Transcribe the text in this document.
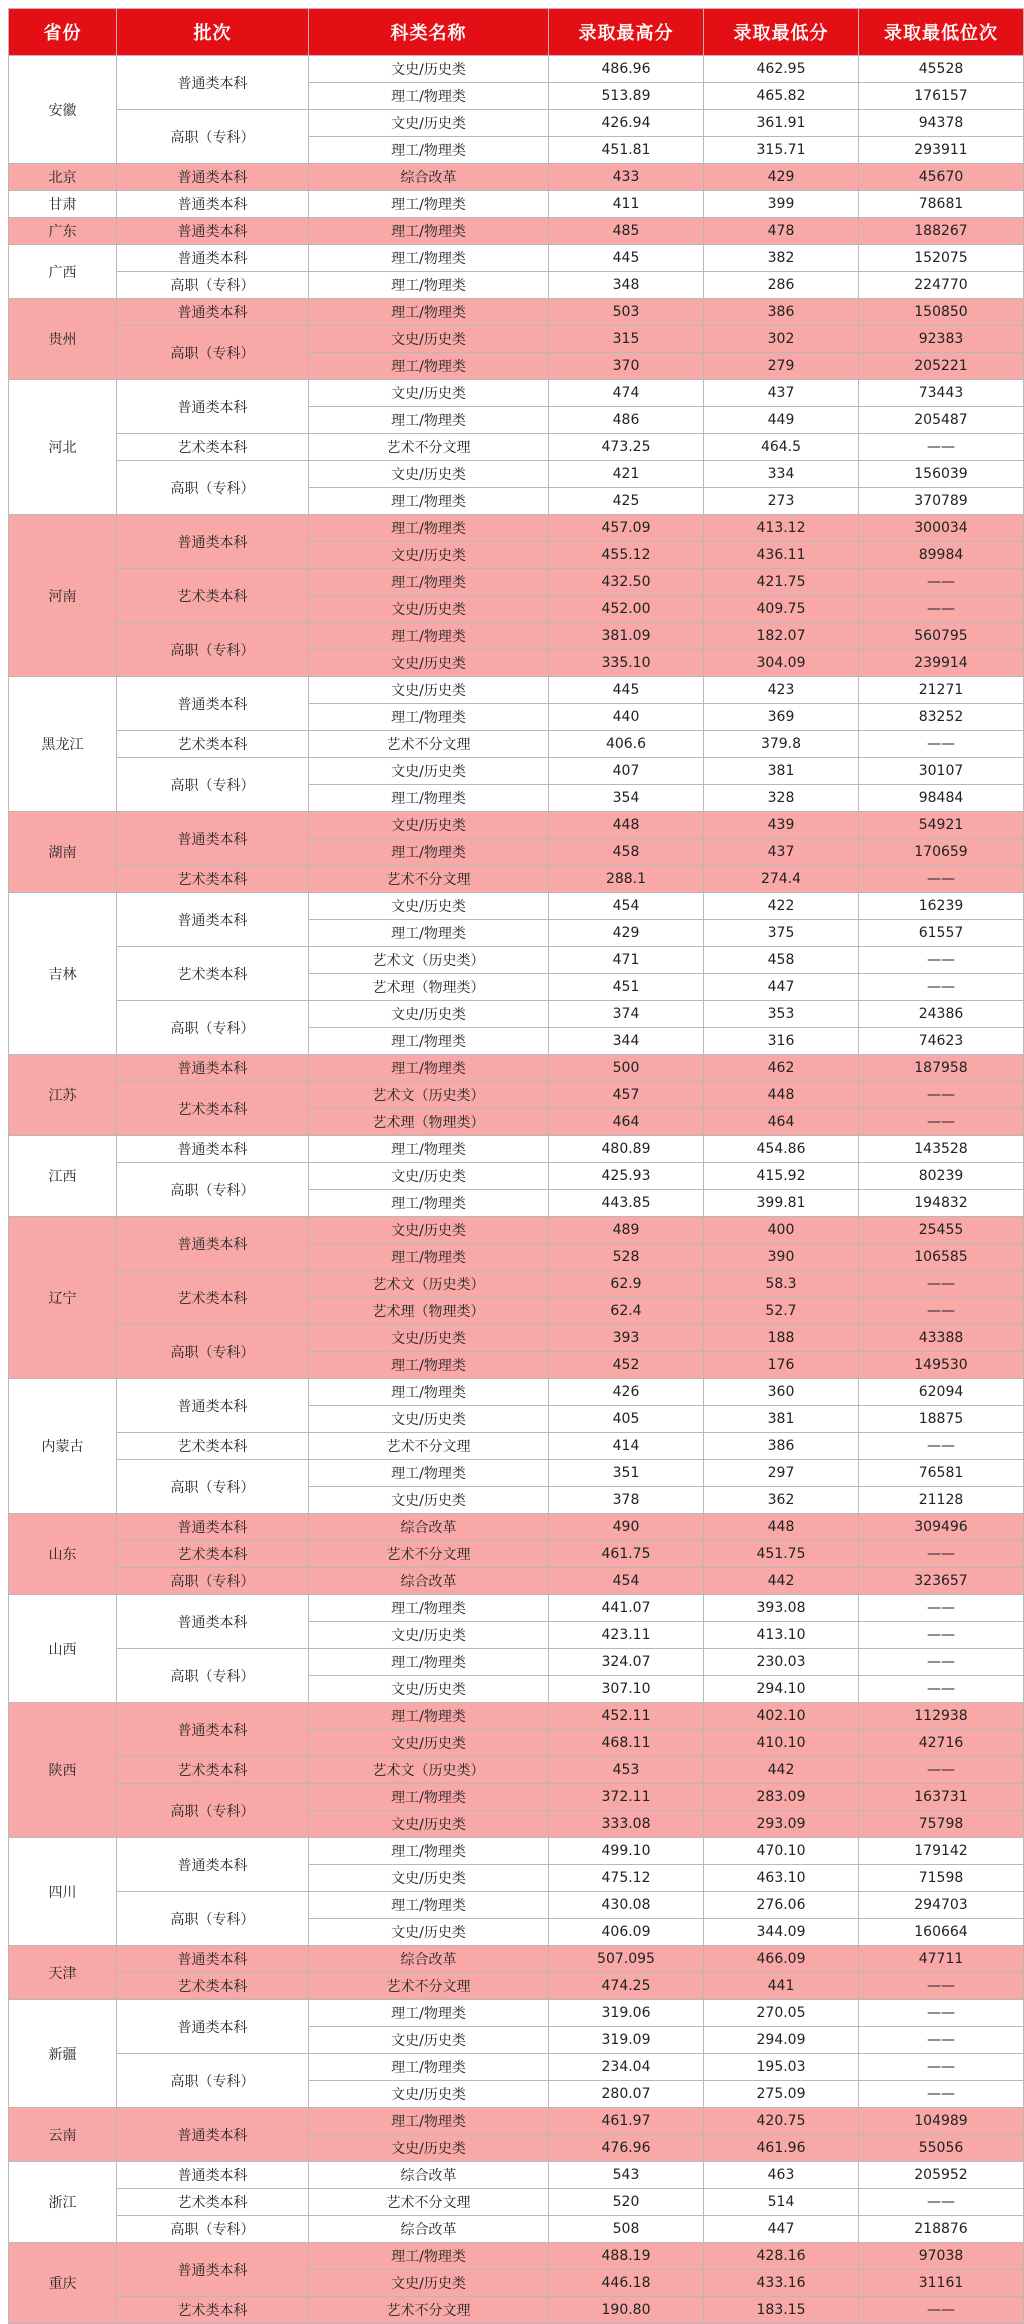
省份	批次	科类名称	录取最高分	录取最低分	录取最低位次
安徽	普通类本科	文史/历史类	486.96	462.95	45528
		理工/物理类	513.89	465.82	176157
	高职（专科）	文史/历史类	426.94	361.91	94378
		理工/物理类	451.81	315.71	293911
北京	普通类本科	综合改革	433	429	45670
甘肃	普通类本科	理工/物理类	411	399	78681
广东	普通类本科	理工/物理类	485	478	188267
广西	普通类本科	理工/物理类	445	382	152075
	高职（专科）	理工/物理类	348	286	224770
贵州	普通类本科	理工/物理类	503	386	150850
	高职（专科）	文史/历史类	315	302	92383
		理工/物理类	370	279	205221
河北	普通类本科	文史/历史类	474	437	73443
		理工/物理类	486	449	205487
	艺术类本科	艺术不分文理	473.25	464.5	——
	高职（专科）	文史/历史类	421	334	156039
		理工/物理类	425	273	370789
河南	普通类本科	理工/物理类	457.09	413.12	300034
		文史/历史类	455.12	436.11	89984
	艺术类本科	理工/物理类	432.50	421.75	——
		文史/历史类	452.00	409.75	——
	高职（专科）	理工/物理类	381.09	182.07	560795
		文史/历史类	335.10	304.09	239914
黑龙江	普通类本科	文史/历史类	445	423	21271
		理工/物理类	440	369	83252
	艺术类本科	艺术不分文理	406.6	379.8	——
	高职（专科）	文史/历史类	407	381	30107
		理工/物理类	354	328	98484
湖南	普通类本科	文史/历史类	448	439	54921
		理工/物理类	458	437	170659
	艺术类本科	艺术不分文理	288.1	274.4	——
吉林	普通类本科	文史/历史类	454	422	16239
		理工/物理类	429	375	61557
	艺术类本科	艺术文（历史类）	471	458	——
		艺术理（物理类）	451	447	——
	高职（专科）	文史/历史类	374	353	24386
		理工/物理类	344	316	74623
江苏	普通类本科	理工/物理类	500	462	187958
	艺术类本科	艺术文（历史类）	457	448	——
		艺术理（物理类）	464	464	——
江西	普通类本科	理工/物理类	480.89	454.86	143528
	高职（专科）	文史/历史类	425.93	415.92	80239
		理工/物理类	443.85	399.81	194832
辽宁	普通类本科	文史/历史类	489	400	25455
		理工/物理类	528	390	106585
	艺术类本科	艺术文（历史类）	62.9	58.3	——
		艺术理（物理类）	62.4	52.7	——
	高职（专科）	文史/历史类	393	188	43388
		理工/物理类	452	176	149530
内蒙古	普通类本科	理工/物理类	426	360	62094
		文史/历史类	405	381	18875
	艺术类本科	艺术不分文理	414	386	——
	高职（专科）	理工/物理类	351	297	76581
		文史/历史类	378	362	21128
山东	普通类本科	综合改革	490	448	309496
	艺术类本科	艺术不分文理	461.75	451.75	——
	高职（专科）	综合改革	454	442	323657
山西	普通类本科	理工/物理类	441.07	393.08	——
		文史/历史类	423.11	413.10	——
	高职（专科）	理工/物理类	324.07	230.03	——
		文史/历史类	307.10	294.10	——
陕西	普通类本科	理工/物理类	452.11	402.10	112938
		文史/历史类	468.11	410.10	42716
	艺术类本科	艺术文（历史类）	453	442	——
	高职（专科）	理工/物理类	372.11	283.09	163731
		文史/历史类	333.08	293.09	75798
四川	普通类本科	理工/物理类	499.10	470.10	179142
		文史/历史类	475.12	463.10	71598
	高职（专科）	理工/物理类	430.08	276.06	294703
		文史/历史类	406.09	344.09	160664
天津	普通类本科	综合改革	507.095	466.09	47711
	艺术类本科	艺术不分文理	474.25	441	——
新疆	普通类本科	理工/物理类	319.06	270.05	——
		文史/历史类	319.09	294.09	——
	高职（专科）	理工/物理类	234.04	195.03	——
		文史/历史类	280.07	275.09	——
云南	普通类本科	理工/物理类	461.97	420.75	104989
		文史/历史类	476.96	461.96	55056
浙江	普通类本科	综合改革	543	463	205952
	艺术类本科	艺术不分文理	520	514	——
	高职（专科）	综合改革	508	447	218876
重庆	普通类本科	理工/物理类	488.19	428.16	97038
		文史/历史类	446.18	433.16	31161
	艺术类本科	艺术不分文理	190.80	183.15	——
